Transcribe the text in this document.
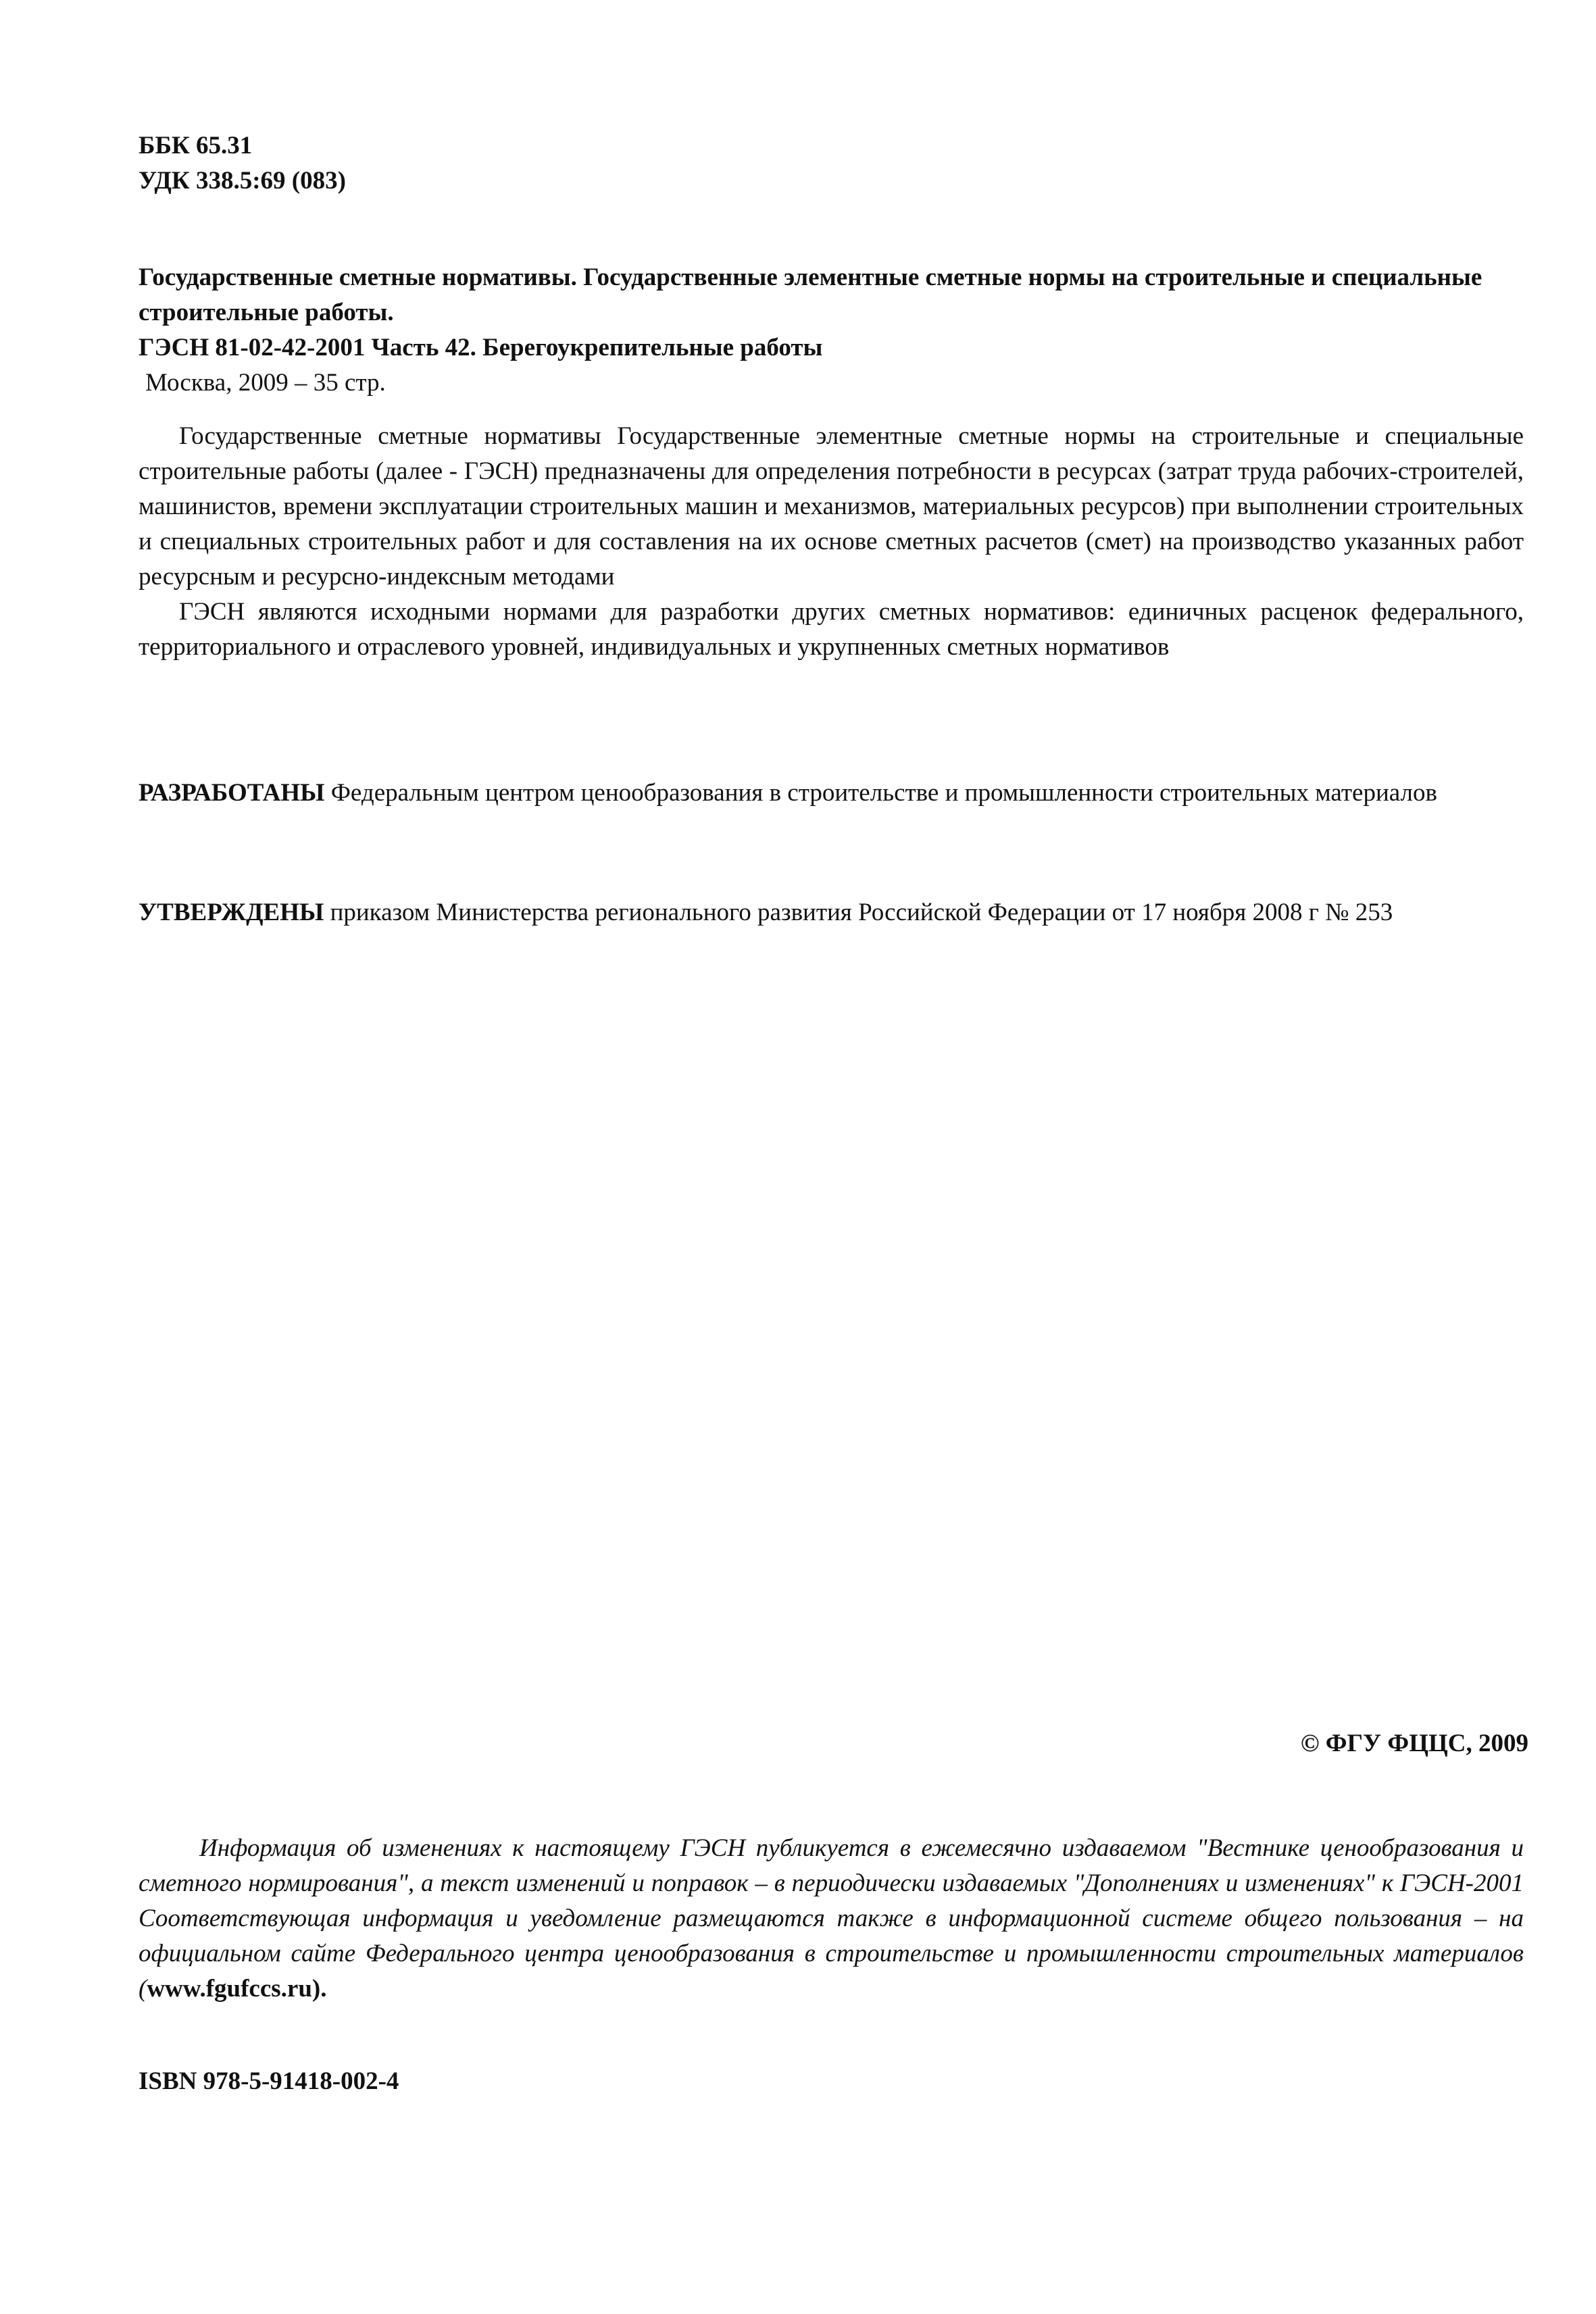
ББК 65.31
УДК 338.5:69 (083)
Государственные сметные нормативы. Государственные элементные сметные нормы на строительные и специальные строительные работы.
ГЭСН 81-02-42-2001 Часть 42. Берегоукрепительные работы
Москва, 2009 – 35 стр.
Государственные сметные нормативы Государственные элементные сметные нормы на строительные и специальные строительные работы (далее - ГЭСН) предназначены для определения потребности в ресурсах (затрат труда рабочих-строителей, машинистов, времени эксплуатации строительных машин и механизмов, материальных ресурсов) при выполнении строительных и специальных строительных работ и для составления на их основе сметных расчетов (смет) на производство указанных работ ресурсным и ресурсно-индексным методами
ГЭСН являются исходными нормами для разработки других сметных нормативов: единичных расценок федерального, территориального и отраслевого уровней, индивидуальных и укрупненных сметных нормативов
РАЗРАБОТАНЫ Федеральным центром ценообразования в строительстве и промышленности строительных материалов
УТВЕРЖДЕНЫ приказом Министерства регионального развития Российской Федерации от 17 ноября 2008 г № 253
© ФГУ ФЦЦС, 2009
Информация об изменениях к настоящему ГЭСН публикуется в ежемесячно издаваемом "Вестнике ценообразования и сметного нормирования", а текст изменений и поправок – в периодически издаваемых "Дополнениях и изменениях" к ГЭСН-2001 Соответствующая информация и уведомление размещаются также в информационной системе общего пользования – на официальном сайте Федерального центра ценообразования в строительстве и промышленности строительных материалов (www.fgufccs.ru).
ISBN 978-5-91418-002-4
